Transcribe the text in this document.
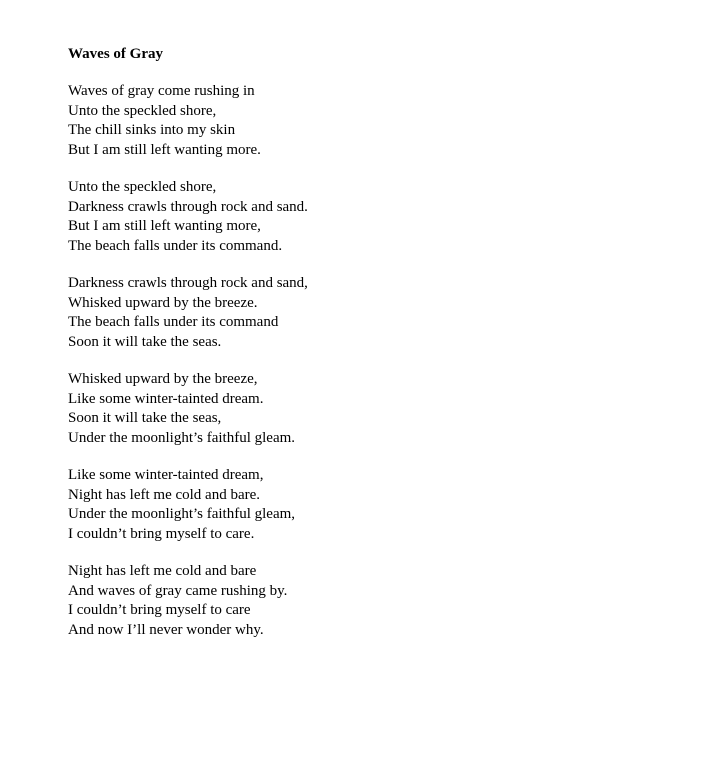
Waves of Gray
Waves of gray come rushing in
Unto the speckled shore,
The chill sinks into my skin
But I am still left wanting more.
Unto the speckled shore,
Darkness crawls through rock and sand.
But I am still left wanting more,
The beach falls under its command.
Darkness crawls through rock and sand,
Whisked upward by the breeze.
The beach falls under its command
Soon it will take the seas.
Whisked upward by the breeze,
Like some winter-tainted dream.
Soon it will take the seas,
Under the moonlight’s faithful gleam.
Like some winter-tainted dream,
Night has left me cold and bare.
Under the moonlight’s faithful gleam,
I couldn’t bring myself to care.
Night has left me cold and bare
And waves of gray came rushing by.
I couldn’t bring myself to care
And now I’ll never wonder why.
